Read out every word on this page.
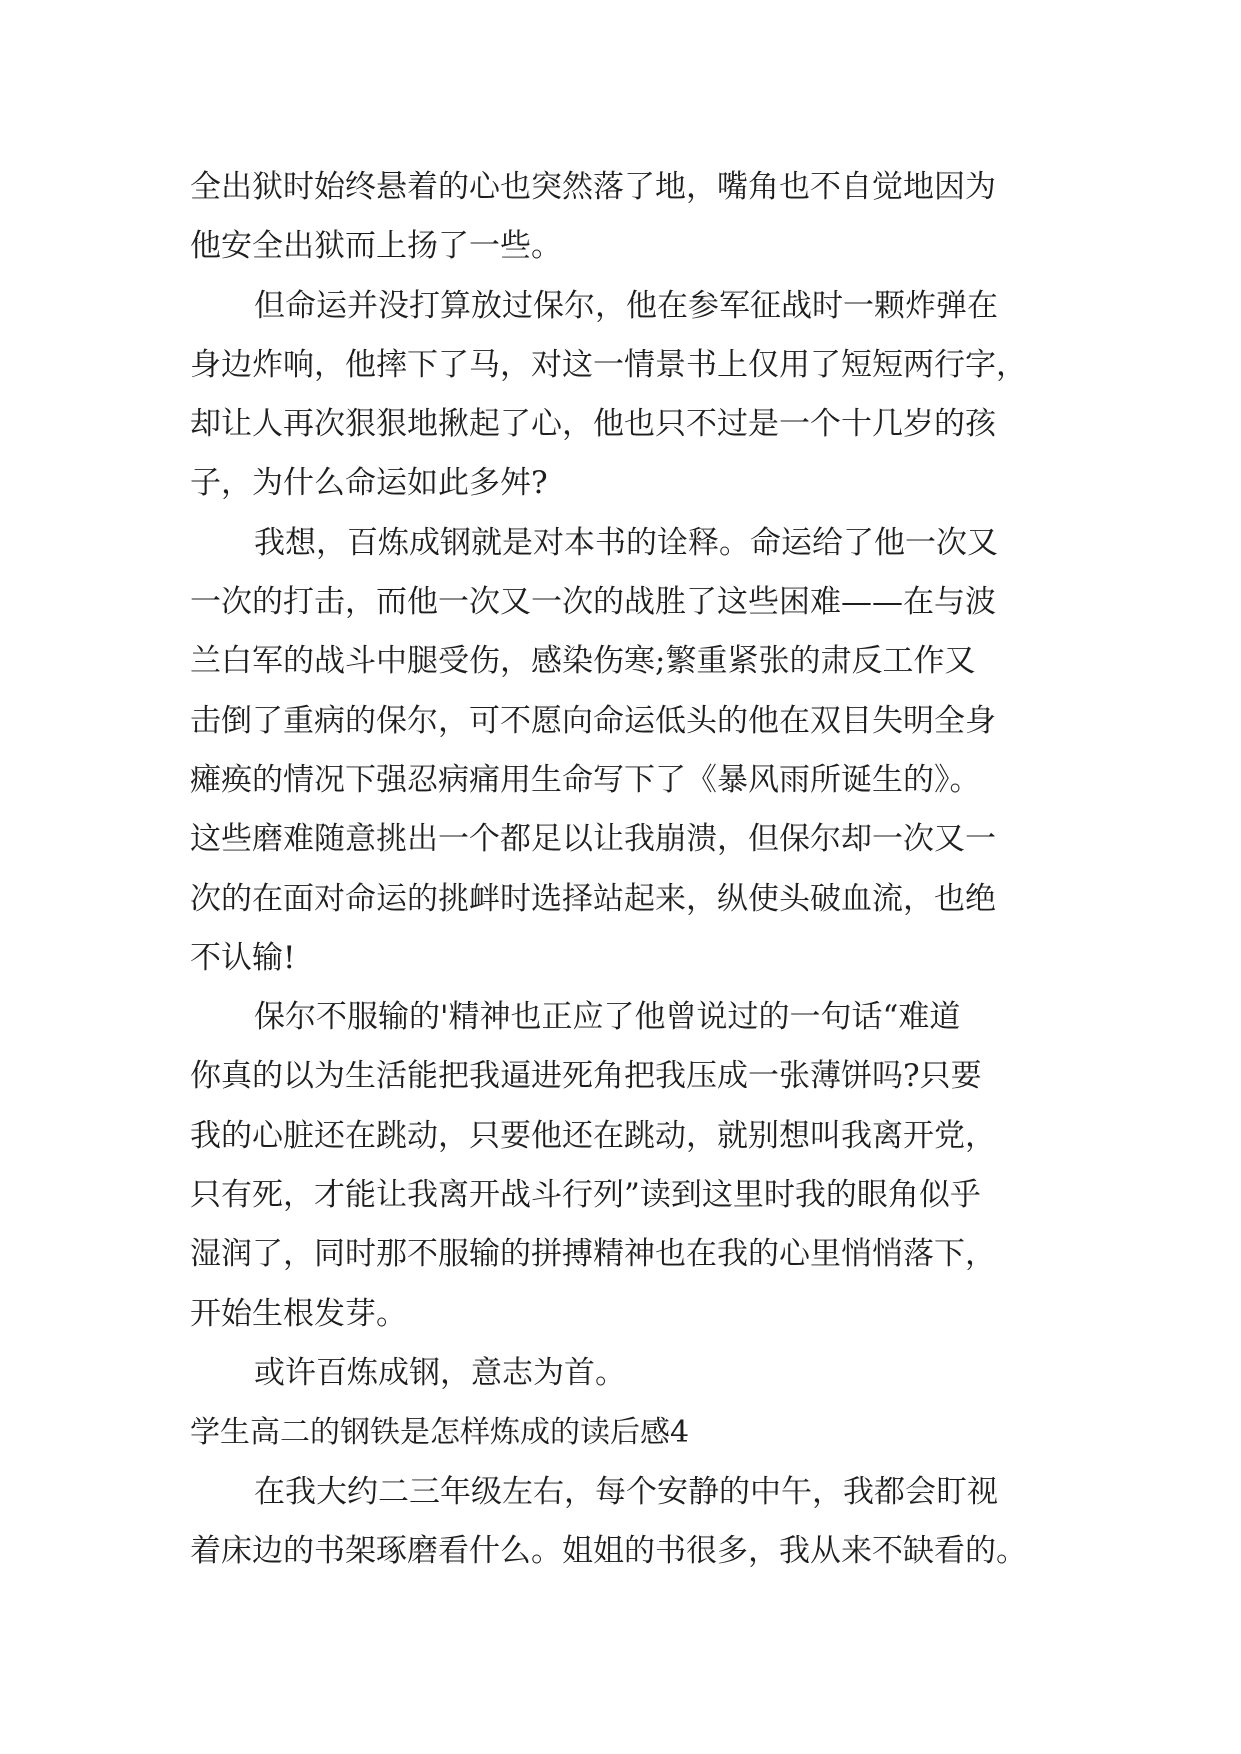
全出狱时始终悬着的心也突然落了地，嘴角也不自觉地因为
他安全出狱而上扬了一些。
但命运并没打算放过保尔，他在参军征战时一颗炸弹在
身边炸响，他摔下了马，对这一情景书上仅用了短短两行字，
却让人再次狠狠地揪起了心，他也只不过是一个十几岁的孩
子，为什么命运如此多舛?
我想，百炼成钢就是对本书的诠释。命运给了他一次又
一次的打击，而他一次又一次的战胜了这些困难——在与波
兰白军的战斗中腿受伤，感染伤寒;繁重紧张的肃反工作又
击倒了重病的保尔，可不愿向命运低头的他在双目失明全身
瘫痪的情况下强忍病痛用生命写下了《暴风雨所诞生的》。
这些磨难随意挑出一个都足以让我崩溃，但保尔却一次又一
次的在面对命运的挑衅时选择站起来，纵使头破血流，也绝
不认输!
保尔不服输的'精神也正应了他曾说过的一句话“难道
你真的以为生活能把我逼进死角把我压成一张薄饼吗?只要
我的心脏还在跳动，只要他还在跳动，就别想叫我离开党，
只有死，才能让我离开战斗行列”读到这里时我的眼角似乎
湿润了，同时那不服输的拼搏精神也在我的心里悄悄落下，
开始生根发芽。
或许百炼成钢，意志为首。
学生高二的钢铁是怎样炼成的读后感4
在我大约二三年级左右，每个安静的中午，我都会盯视
着床边的书架琢磨看什么。姐姐的书很多，我从来不缺看的。
